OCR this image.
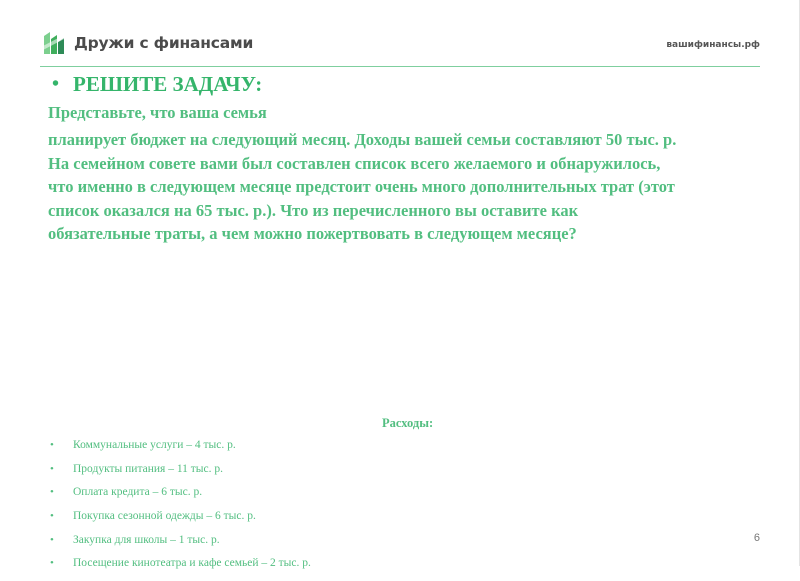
Дружи с финансами	вашифинансы.рф
• РЕШИТЕ ЗАДАЧУ:
Представьте, что ваша семья
планирует бюджет на следующий месяц. Доходы вашей семьи составляют 50 тыс. р.
На семейном совете вами был составлен список всего желаемого и обнаружилось,
что именно в следующем месяце предстоит очень много дополнительных трат (этот
список оказался на 65 тыс. р.). Что из перечисленного вы оставите как
обязательные траты, а чем можно пожертвовать в следующем месяце?
Расходы:
• Коммунальные услуги – 4 тыс. р.
• Продукты питания – 11 тыс. р.
• Оплата кредита – 6 тыс. р.
• Покупка сезонной одежды – 6 тыс. р.
• Закупка для школы – 1 тыс. р.
• Посещение кинотеатра и кафе семьей – 2 тыс. р.
6
